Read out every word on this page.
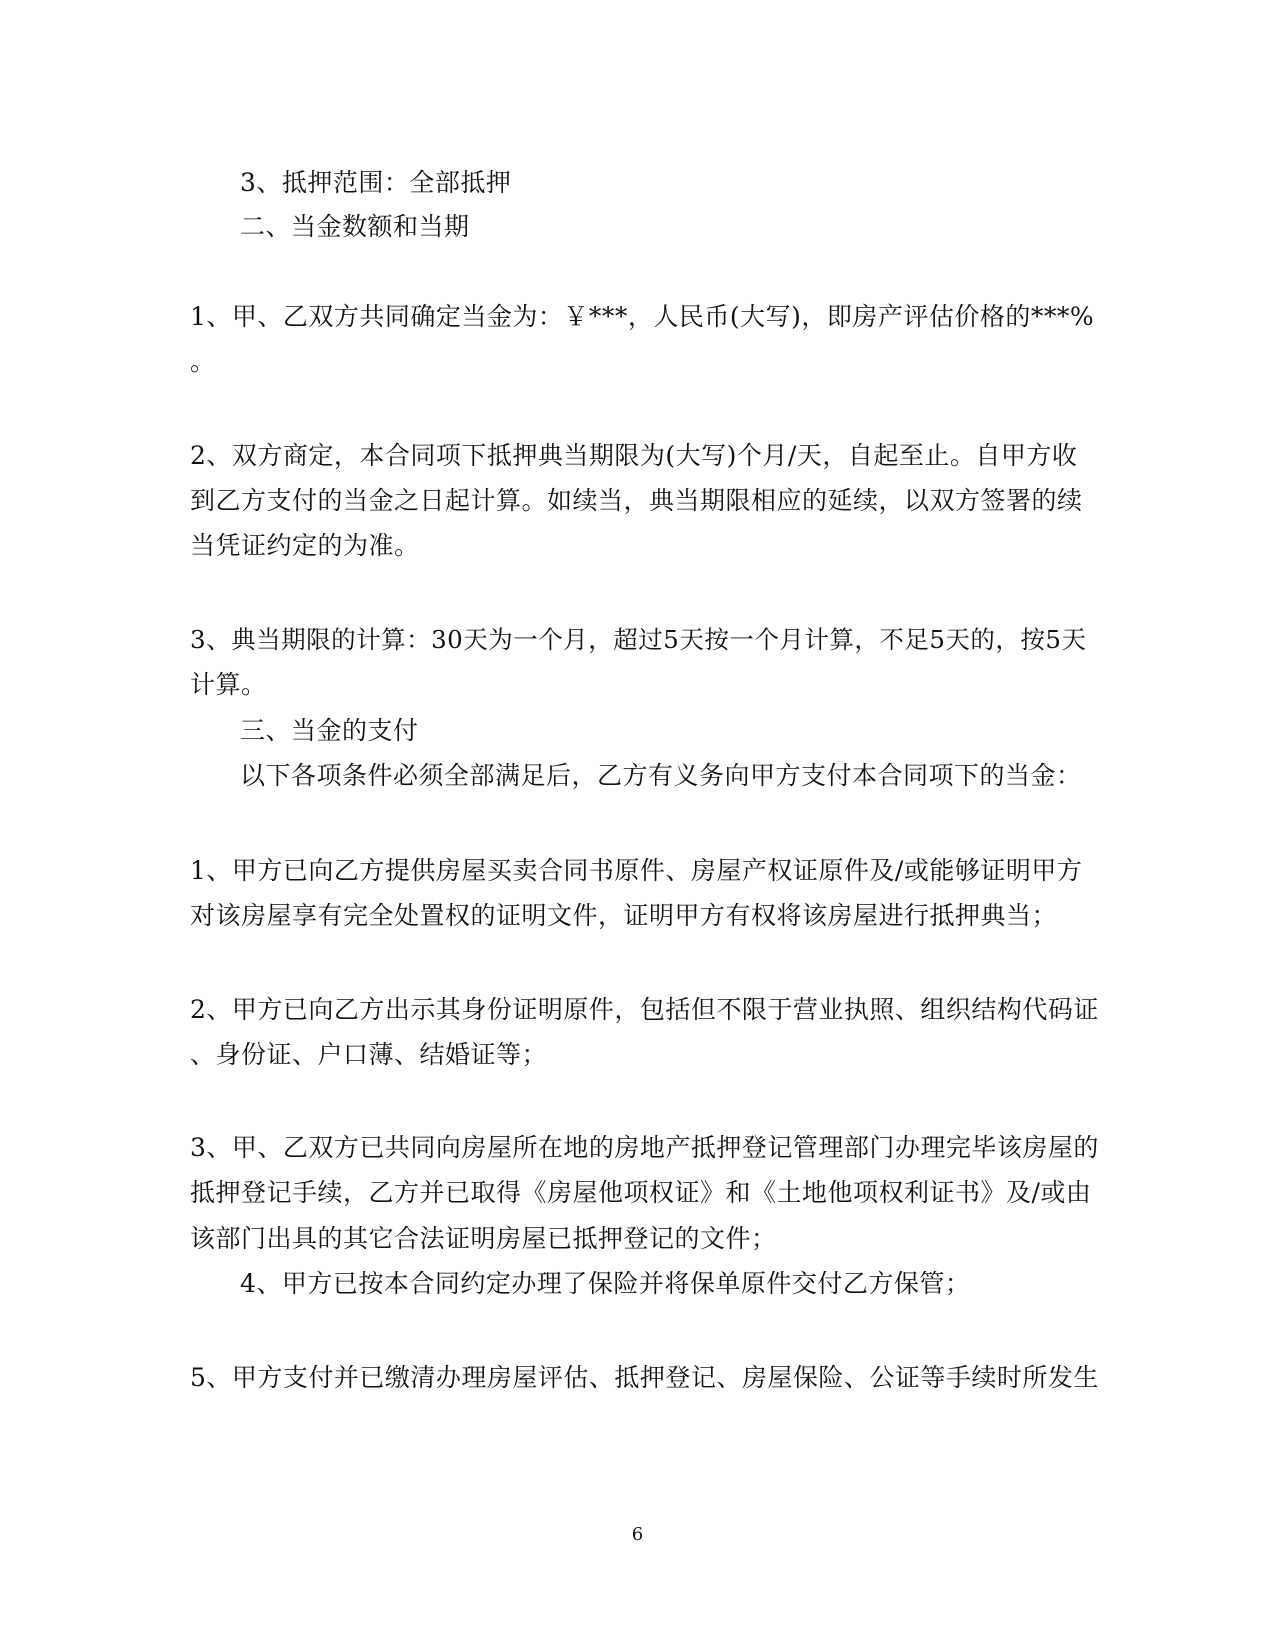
3、抵押范围：全部抵押
二、当金数额和当期
1、甲、乙双方共同确定当金为：￥***，人民币(大写)，即房产评估价格的***%
。
2、双方商定，本合同项下抵押典当期限为(大写)个月/天，自起至止。自甲方收
到乙方支付的当金之日起计算。如续当，典当期限相应的延续，以双方签署的续
当凭证约定的为准。
3、典当期限的计算：30天为一个月，超过5天按一个月计算，不足5天的，按5天
计算。
三、当金的支付
以下各项条件必须全部满足后，乙方有义务向甲方支付本合同项下的当金：
1、甲方已向乙方提供房屋买卖合同书原件、房屋产权证原件及/或能够证明甲方
对该房屋享有完全处置权的证明文件，证明甲方有权将该房屋进行抵押典当；
2、甲方已向乙方出示其身份证明原件，包括但不限于营业执照、组织结构代码证
、身份证、户口薄、结婚证等；
3、甲、乙双方已共同向房屋所在地的房地产抵押登记管理部门办理完毕该房屋的
抵押登记手续，乙方并已取得《房屋他项权证》和《土地他项权利证书》及/或由
该部门出具的其它合法证明房屋已抵押登记的文件；
4、甲方已按本合同约定办理了保险并将保单原件交付乙方保管；
5、甲方支付并已缴清办理房屋评估、抵押登记、房屋保险、公证等手续时所发生
6
